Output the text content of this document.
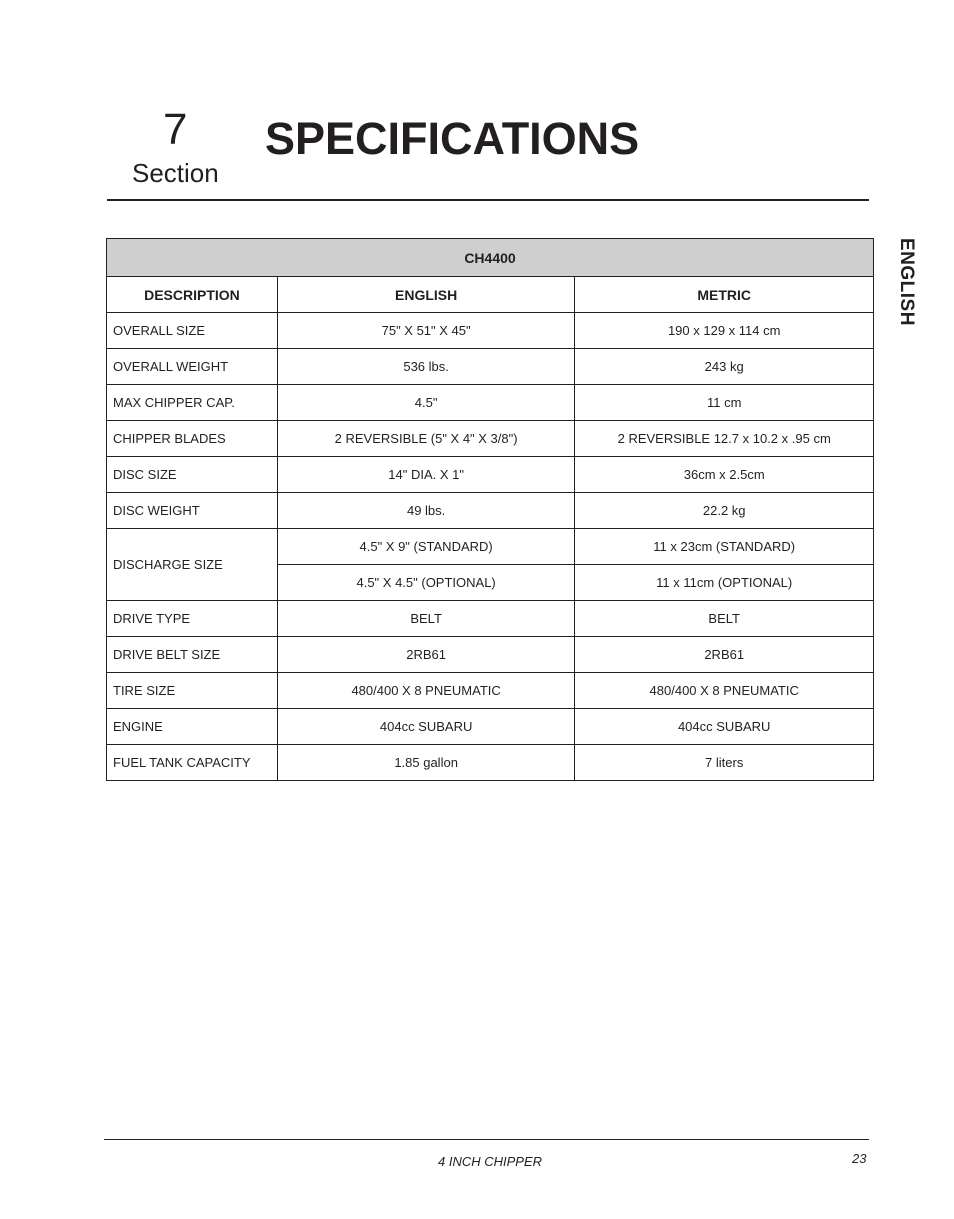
7
Section
SPECIFICATIONS
ENGLISH
CH4400		
DESCRIPTION	ENGLISH	METRIC
OVERALL SIZE	75" X 51" X 45"	190 x 129 x 114 cm
OVERALL WEIGHT	536 lbs.	243 kg
MAX CHIPPER CAP.	4.5"	11 cm
CHIPPER BLADES	2 REVERSIBLE (5" X 4" X 3/8")	2 REVERSIBLE 12.7 x 10.2 x .95 cm
DISC SIZE	14" DIA. X 1"	36cm x 2.5cm
DISC WEIGHT	49 lbs.	22.2 kg
DISCHARGE SIZE	4.5" X 9" (STANDARD)	11 x 23cm (STANDARD)
	4.5" X 4.5" (OPTIONAL)	11 x 11cm (OPTIONAL)
DRIVE TYPE	BELT	BELT
DRIVE BELT SIZE	2RB61	2RB61
TIRE SIZE	480/400 X 8 PNEUMATIC	480/400 X 8 PNEUMATIC
ENGINE	404cc SUBARU	404cc SUBARU
FUEL TANK CAPACITY	1.85 gallon	7 liters
4 INCH CHIPPER	23
